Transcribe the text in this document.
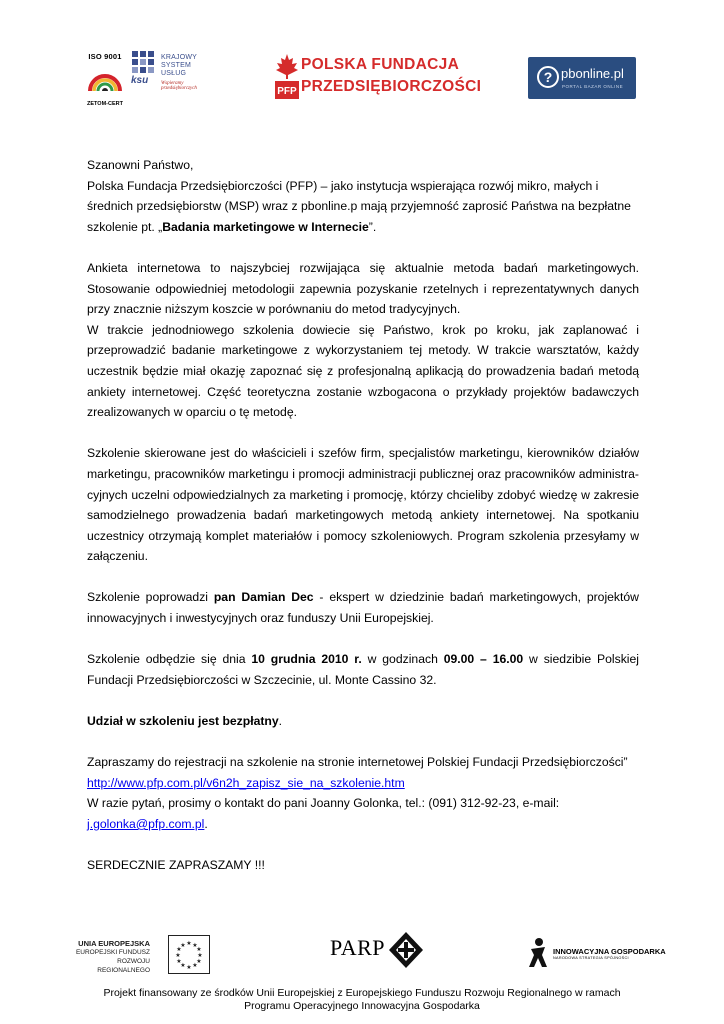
ISO 9001
ZETOM-CERT
ksu
KRAJOWY
SYSTEM
USŁUG
Wspieramy przedsiębiorczych	PFP
POLSKA FUNDACJA
PRZEDSIĘBIORCZOŚCI
? pbonline.pl
PORTAL BAZAR ONLINE

Szanowni Państwo,

Polska Fundacja Przedsiębiorczości (PFP) – jako instytucja wspierająca rozwój mikro, małych i średnich przedsiębiorstw (MSP) wraz z pbonline.p mają przyjemność zaprosić Państwa na bezpłatne szkolenie pt. „Badania marketingowe w Internecie”.

Ankieta internetowa to najszybciej rozwijająca się aktualnie metoda badań marketingowych. Stosowanie odpowiedniej metodologii zapewnia pozyskanie rzetelnych i reprezentatywnych danych przy znacznie niższym koszcie w porównaniu do metod tradycyjnych.

W trakcie jednodniowego szkolenia dowiecie się Państwo, krok po kroku, jak zaplanować i przeprowadzić badanie marketingowe z wykorzystaniem tej metody. W trakcie warsztatów, każdy uczestnik będzie miał okazję zapoznać się z profesjonalną aplikacją do prowadzenia badań metodą ankiety internetowej. Część teoretyczna zostanie wzbogacona o przykłady projektów badawczych zrealizowanych w oparciu o tę metodę.

Szkolenie skierowane jest do właścicieli i szefów firm, specjalistów marketingu, kierowników działów marketingu, pracowników marketingu i promocji administracji publicznej oraz pracowników administra-cyjnych uczelni odpowiedzialnych za marketing i promocję, którzy chcieliby zdobyć wiedzę w zakresie samodzielnego prowadzenia badań marketingowych metodą ankiety internetowej. Na spotkaniu uczestnicy otrzymają komplet materiałów i pomocy szkoleniowych. Program szkolenia przesyłamy w załączeniu.

Szkolenie poprowadzi pan Damian Dec - ekspert w dziedzinie badań marketingowych, projektów innowacyjnych i inwestycyjnych oraz funduszy Unii Europejskiej.

Szkolenie odbędzie się dnia 10 grudnia 2010 r. w godzinach 09.00 – 16.00 w siedzibie Polskiej Fundacji Przedsiębiorczości w Szczecinie, ul. Monte Cassino 32.

Udział w szkoleniu jest bezpłatny.

Zapraszamy do rejestracji na szkolenie na stronie internetowej Polskiej Fundacji Przedsiębiorczości”

http://www.pfp.com.pl/v6n2h_zapisz_sie_na_szkolenie.htm

W razie pytań, prosimy o kontakt do pani Joanny Golonka, tel.: (091) 312-92-23, e-mail:

j.golonka@pfp.com.pl.

SERDECZNIE ZAPRASZAMY !!!

UNIA EUROPEJSKA
EUROPEJSKI FUNDUSZ
ROZWOJU REGIONALNEGO
★ ★
★
★
★
★
★
★
★
★
★
★	PARP	INNOWACYJNA GOSPODARKA
NARODOWA STRATEGIA SPÓJNOŚCI
Projekt finansowany ze środków Unii Europejskiej z Europejskiego Funduszu Rozwoju Regionalnego w ramach
Programu Operacyjnego Innowacyjna Gospodarka
